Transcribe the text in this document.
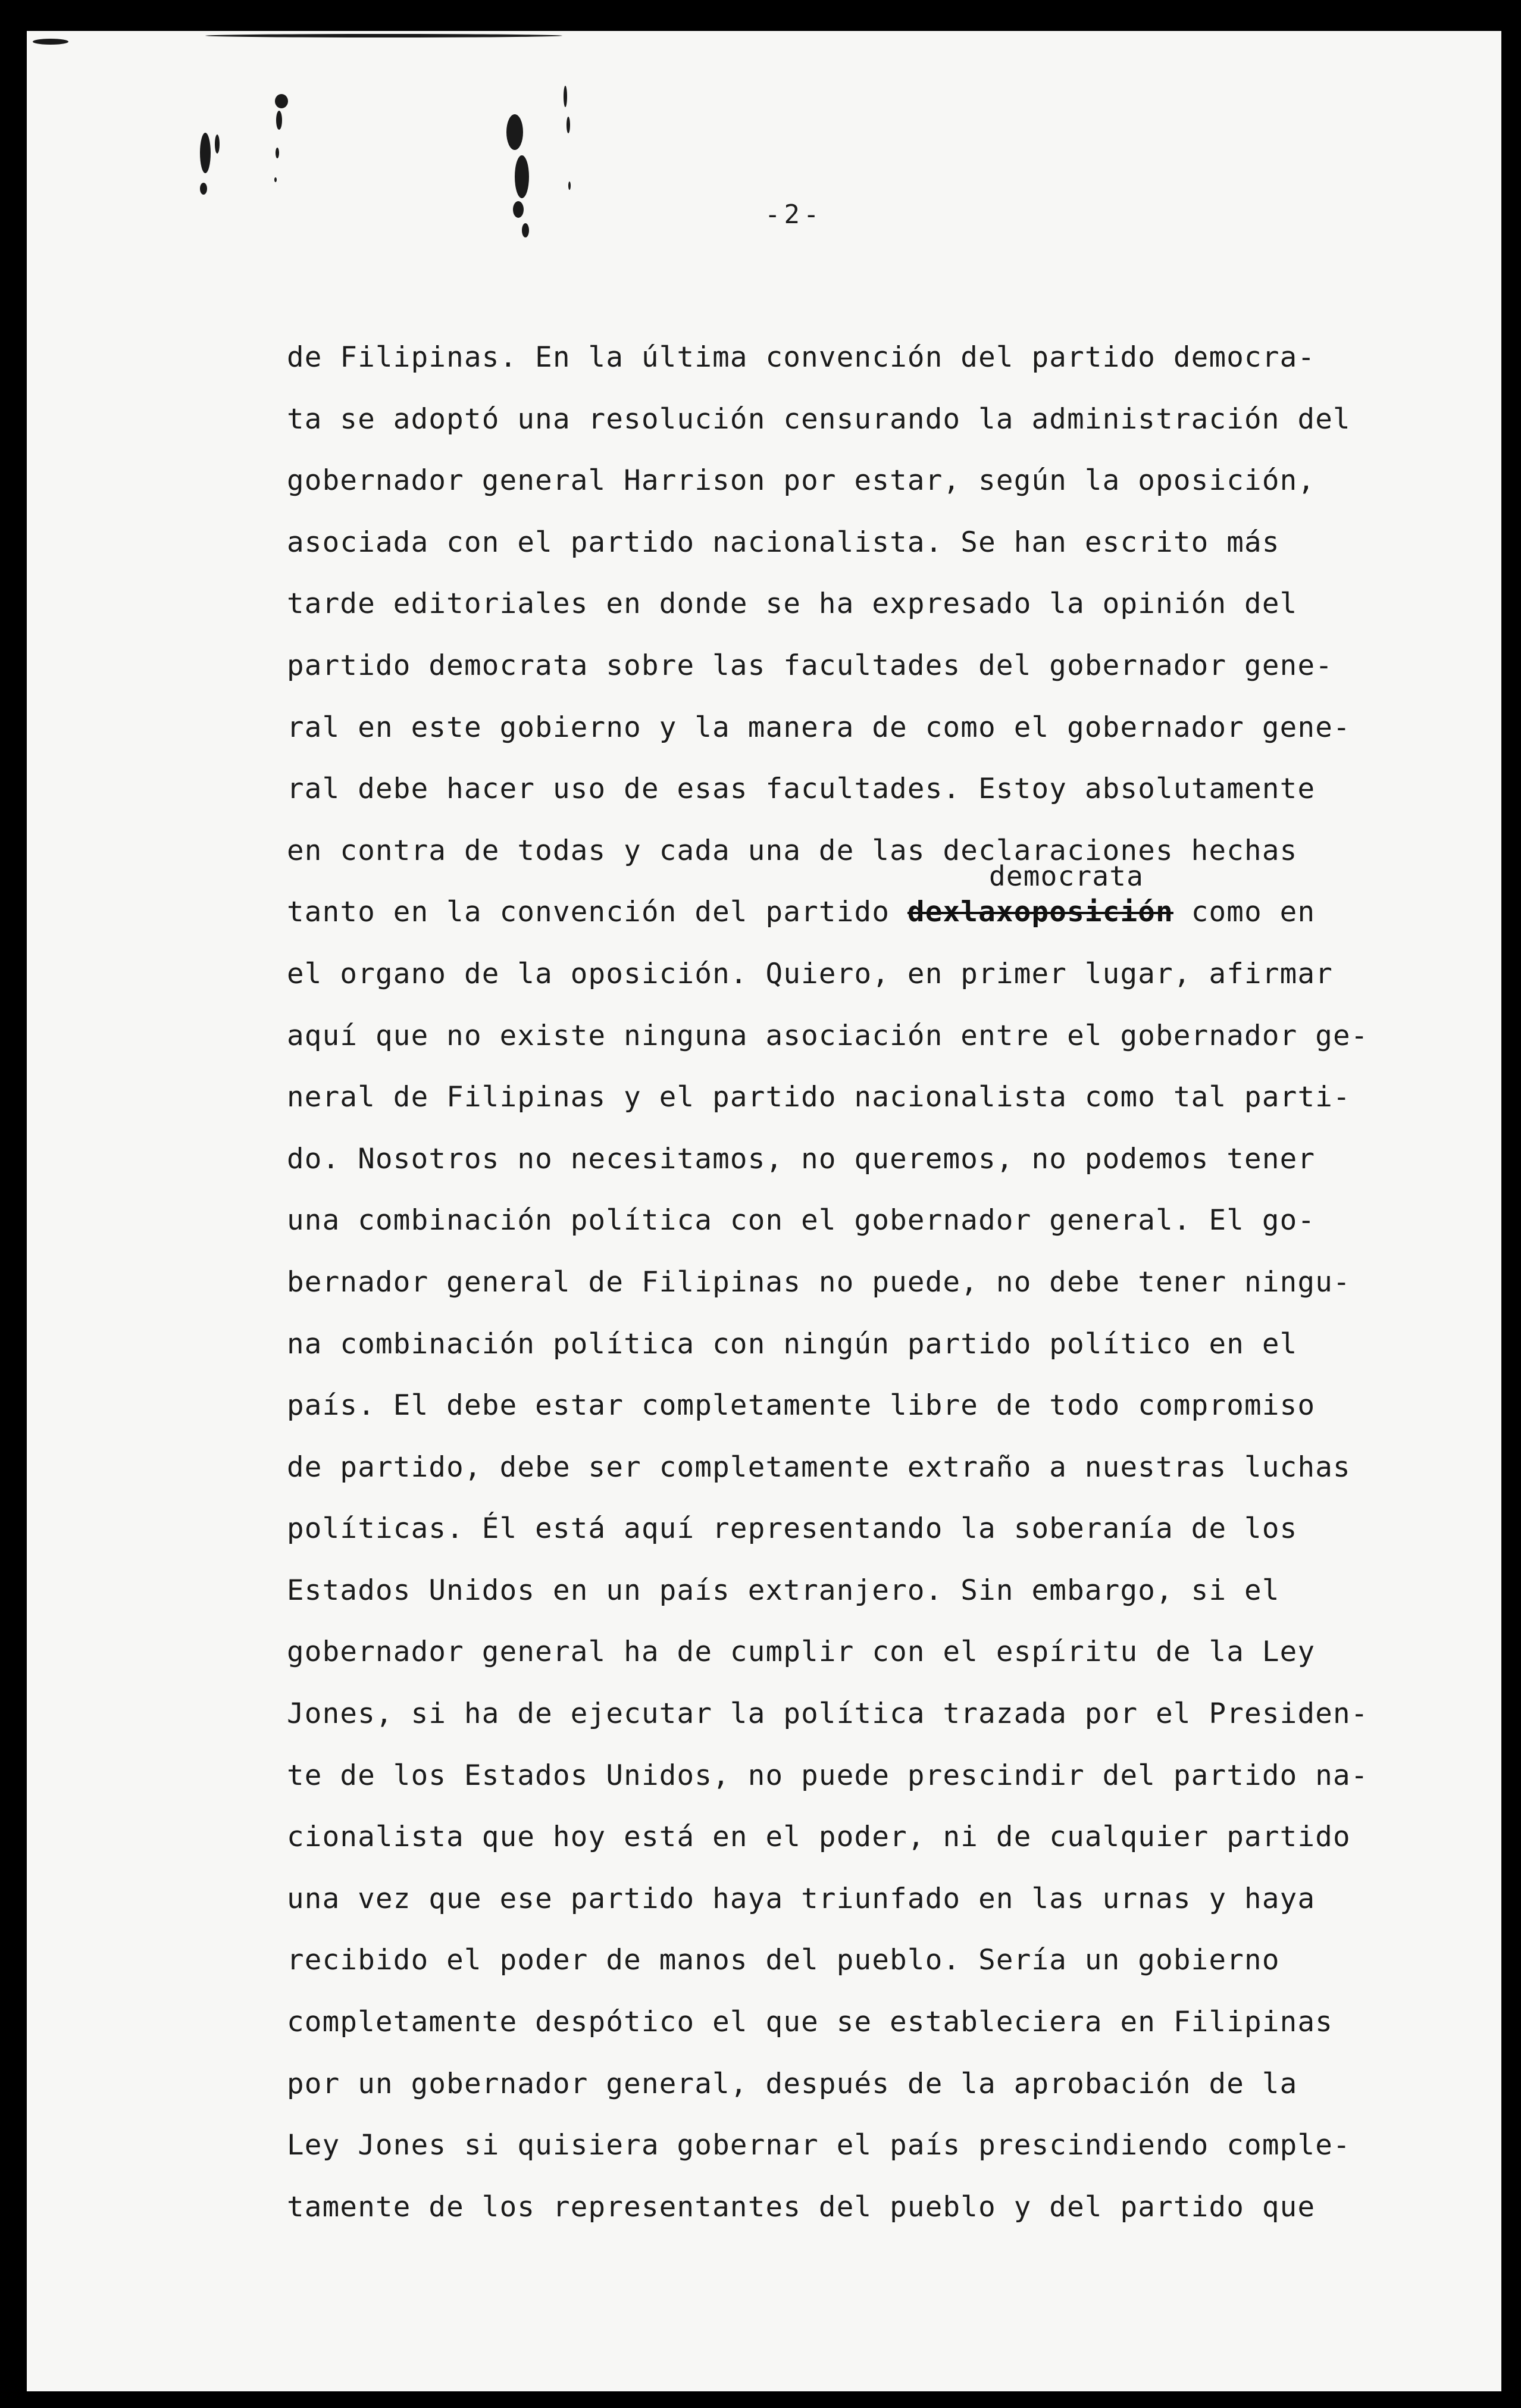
-2-
de Filipinas. En la última convención del partido democra-
ta se adoptó una resolución censurando la administración del
gobernador general Harrison por estar, según la oposición,
asociada con el partido nacionalista. Se han escrito más
tarde editoriales en donde se ha expresado la opinión del
partido democrata sobre las facultades del gobernador gene-
ral en este gobierno y la manera de como el gobernador gene-
ral debe hacer uso de esas facultades. Estoy absolutamente
en contra de todas y cada una de las declaraciones hechas
democrata
tanto en la convención del partido dexlaxoposición como en
el organo de la oposición. Quiero, en primer lugar, afirmar
aquí que no existe ninguna asociación entre el gobernador ge-
neral de Filipinas y el partido nacionalista como tal parti-
do. Nosotros no necesitamos, no queremos, no podemos tener
una combinación política con el gobernador general. El go-
bernador general de Filipinas no puede, no debe tener ningu-
na combinación política con ningún partido político en el
país. El debe estar completamente libre de todo compromiso
de partido, debe ser completamente extraño a nuestras luchas
políticas. Él está aquí representando la soberanía de los
Estados Unidos en un país extranjero. Sin embargo, si el
gobernador general ha de cumplir con el espíritu de la Ley
Jones, si ha de ejecutar la política trazada por el Presiden-
te de los Estados Unidos, no puede prescindir del partido na-
cionalista que hoy está en el poder, ni de cualquier partido
una vez que ese partido haya triunfado en las urnas y haya
recibido el poder de manos del pueblo. Sería un gobierno
completamente despótico el que se estableciera en Filipinas
por un gobernador general, después de la aprobación de la
Ley Jones si quisiera gobernar el país prescindiendo comple-
tamente de los representantes del pueblo y del partido que
